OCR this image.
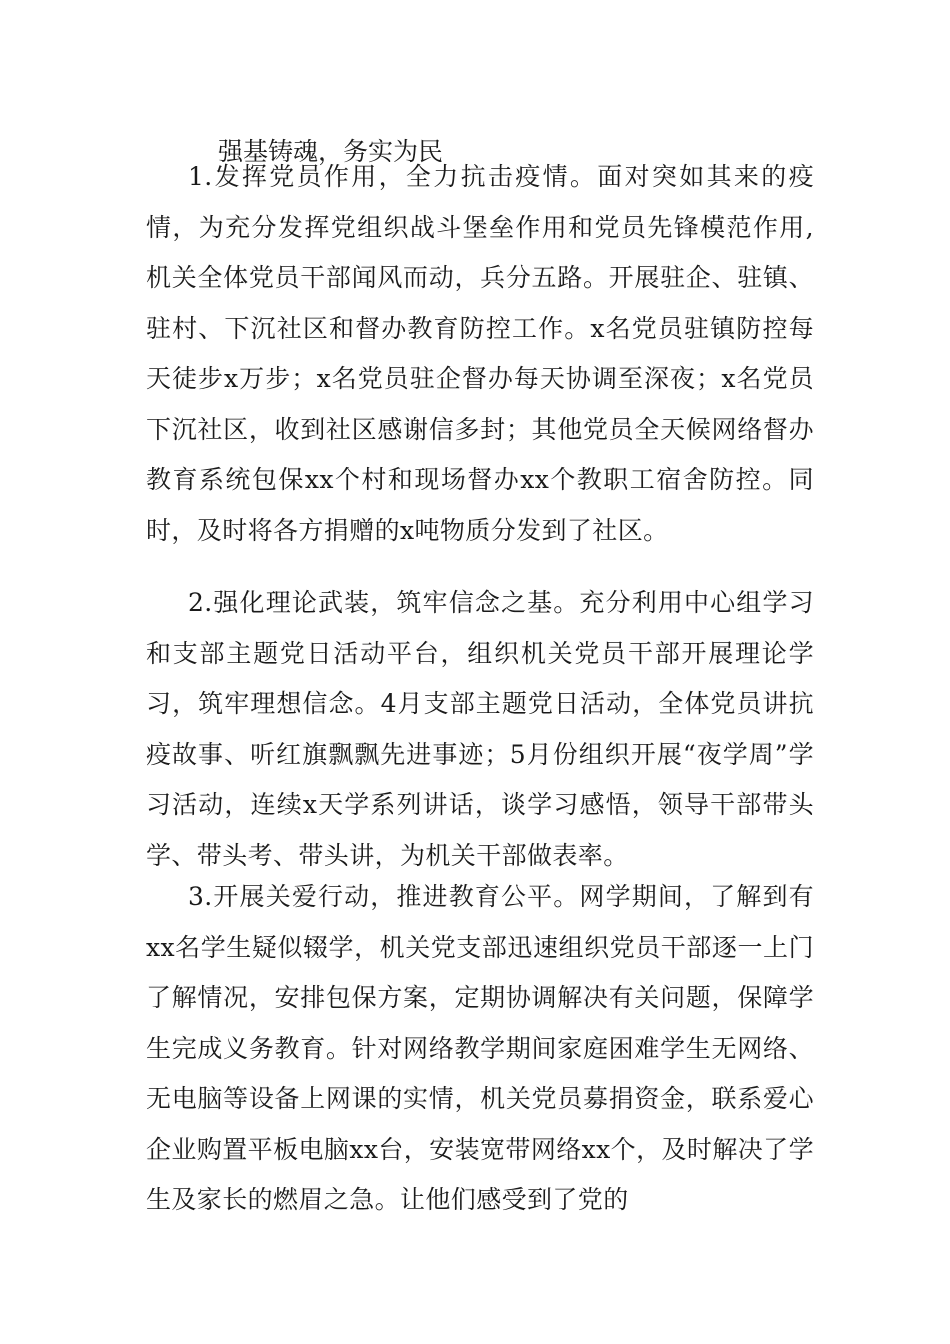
强基铸魂，务实为民

1.发挥党员作用，全力抗击疫情。面对突如其来的疫情，为充分发挥党组织战斗堡垒作用和党员先锋模范作用,机关全体党员干部闻风而动，兵分五路。开展驻企、驻镇、驻村、下沉社区和督办教育防控工作。x名党员驻镇防控每天徒步x万步；x名党员驻企督办每天协调至深夜；x名党员下沉社区，收到社区感谢信多封；其他党员全天候网络督办教育系统包保xx个村和现场督办xx个教职工宿舍防控。同时，及时将各方捐赠的x吨物质分发到了社区。

2.强化理论武装，筑牢信念之基。充分利用中心组学习和支部主题党日活动平台，组织机关党员干部开展理论学习，筑牢理想信念。4月支部主题党日活动，全体党员讲抗疫故事、听红旗飘飘先进事迹；5月份组织开展“夜学周”学习活动，连续x天学系列讲话，谈学习感悟，领导干部带头学、带头考、带头讲，为机关干部做表率。

3.开展关爱行动，推进教育公平。网学期间，了解到有xx名学生疑似辍学，机关党支部迅速组织党员干部逐一上门了解情况，安排包保方案，定期协调解决有关问题，保障学生完成义务教育。针对网络教学期间家庭困难学生无网络、无电脑等设备上网课的实情，机关党员募捐资金，联系爱心企业购置平板电脑xx台，安装宽带网络xx个，及时解决了学生及家长的燃眉之急。让他们感受到了党的
